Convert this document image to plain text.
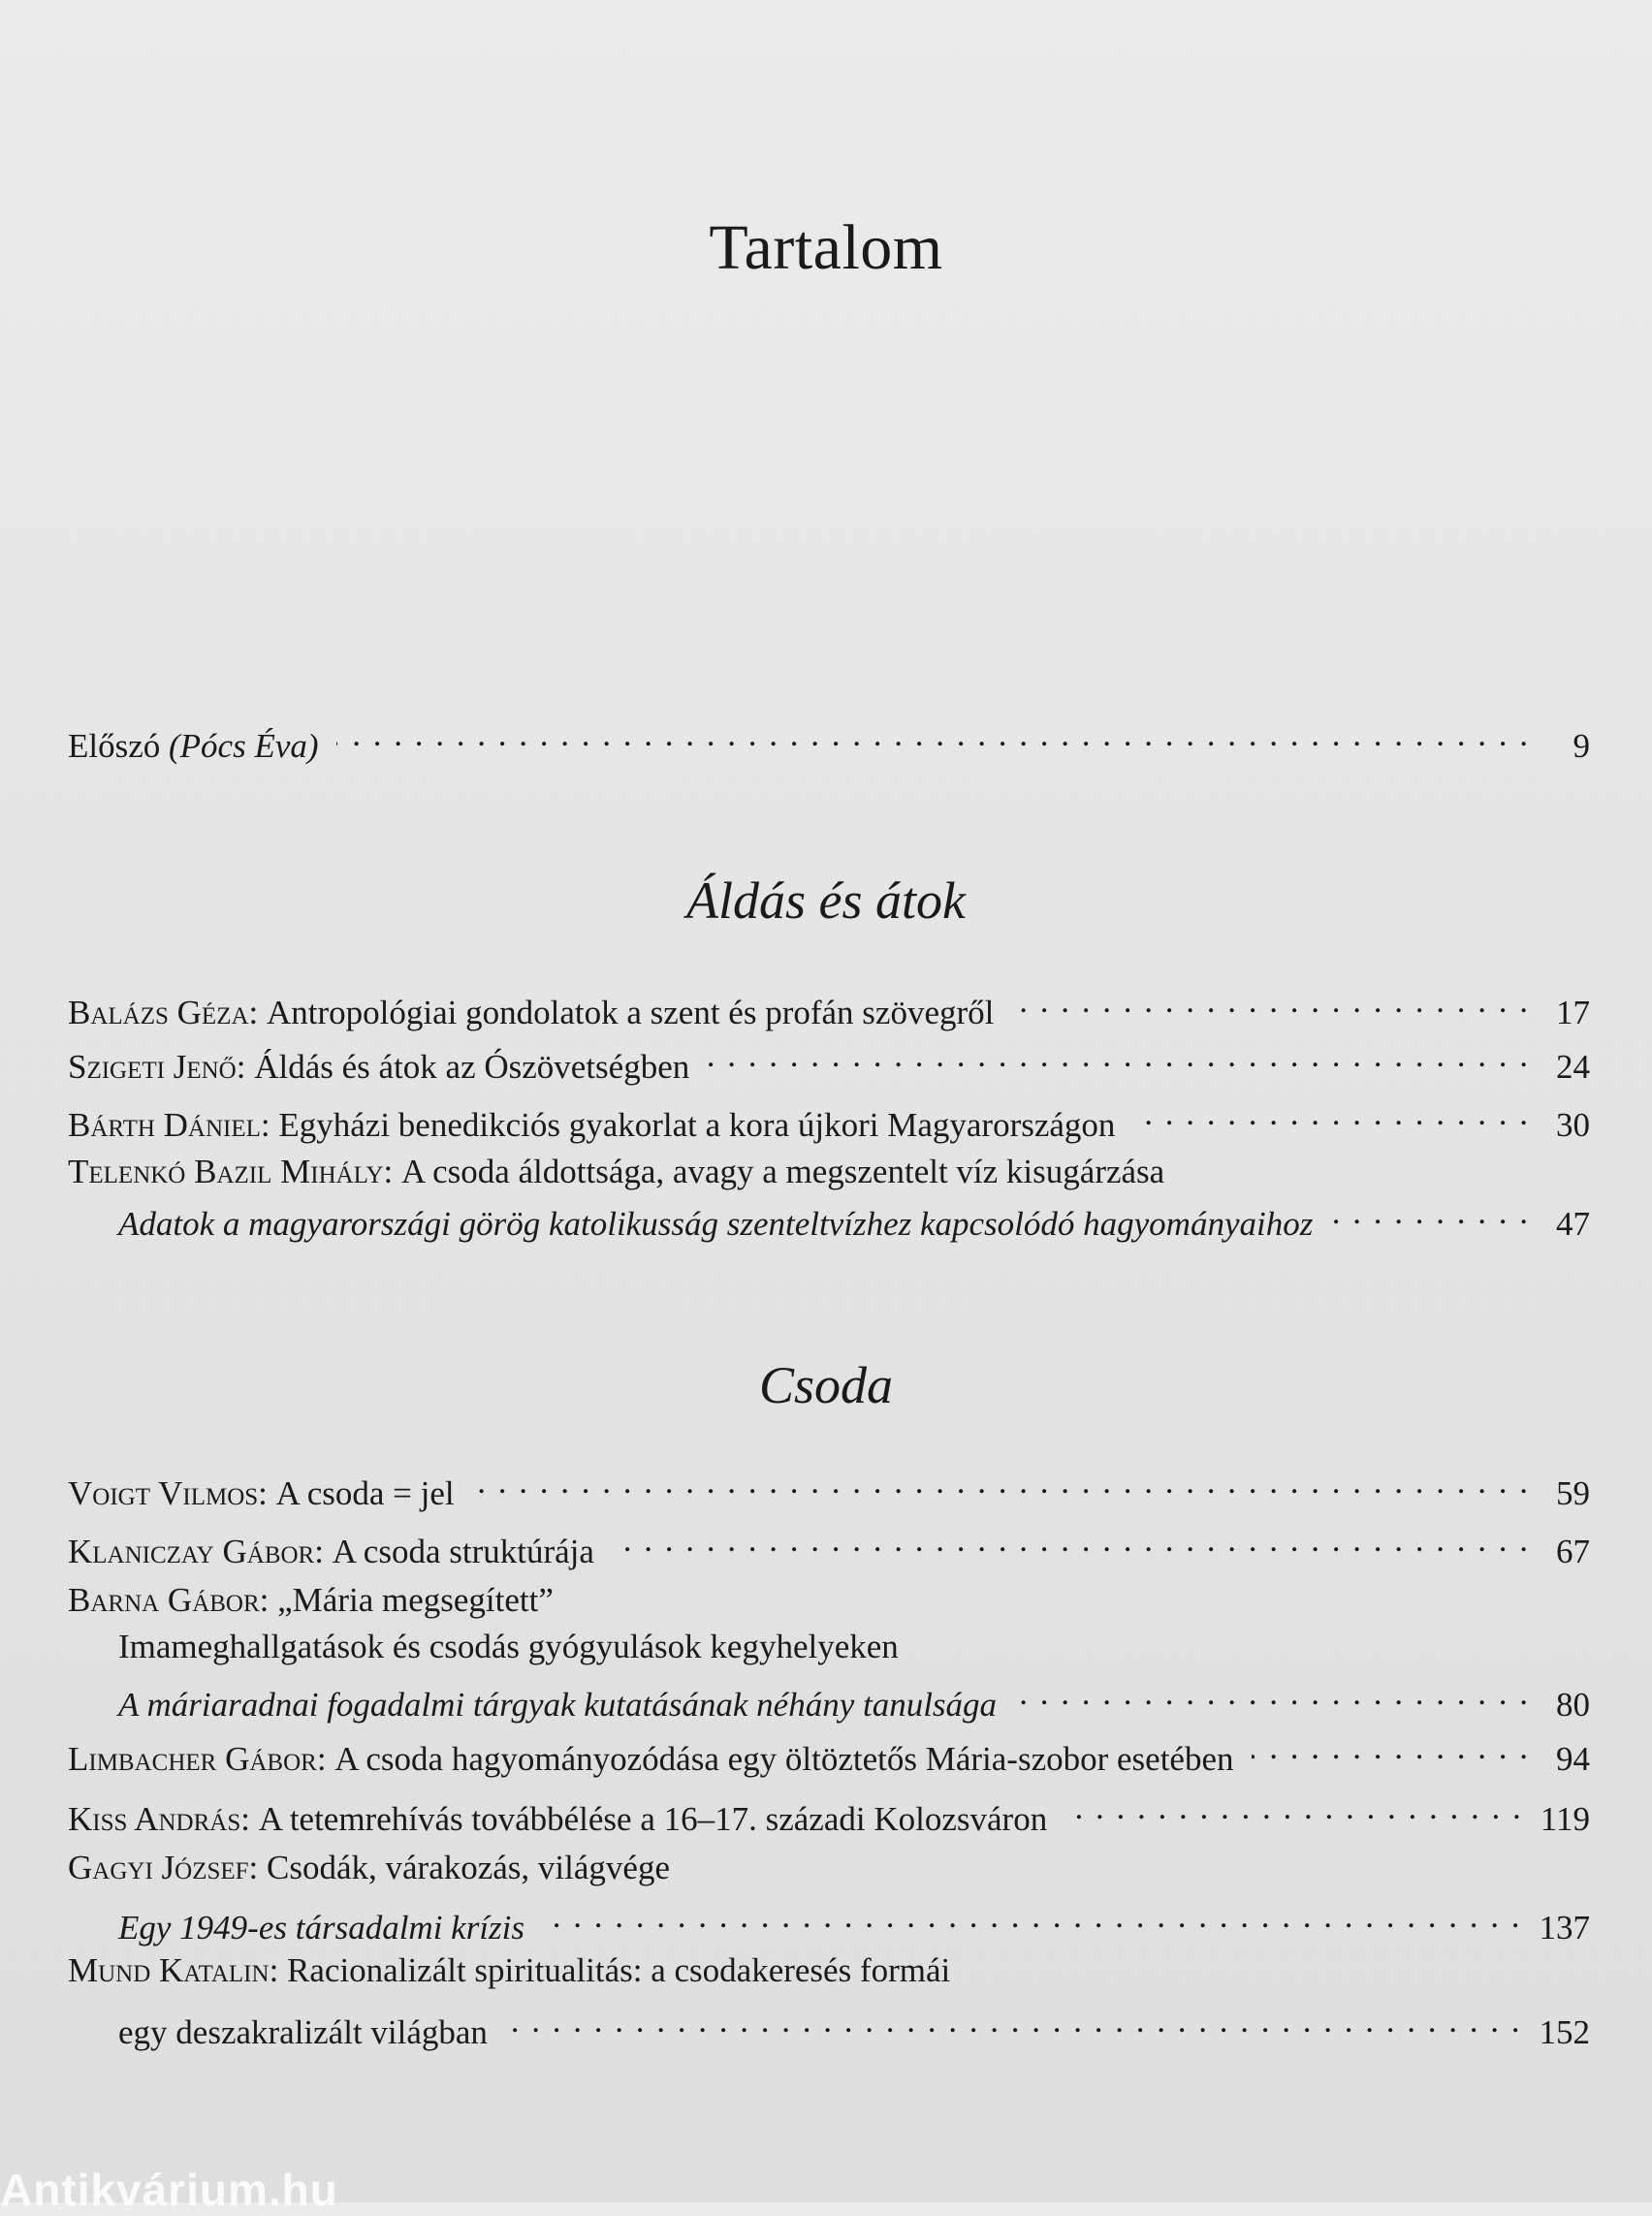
Tartalom
Előszó
(Pócs Éva) . . .	9
Áldás és átok
Balázs Géza:
Antropológiai gondolatok a szent és profán szövegről . . .	17
Szigeti Jenő:
Áldás és átok az Ószövetségben . . .	24
Bárth Dániel:
Egyházi benedikciós gyakorlat a kora újkori Magyarországon . . .	30
Telenkó Bazil Mihály:
A csoda áldottsága, avagy a megszentelt víz kisugárzása
Adatok a magyarországi görög katolikusság szenteltvízhez kapcsolódó hagyományaihoz . . .	47
Csoda
Voigt Vilmos:
A csoda = jel . . .	59
Klaniczay Gábor:
A csoda struktúrája . . .	67
Barna Gábor:
„Mária megsegített”
Imameghallgatások és csodás gyógyulások kegyhelyeken
A máriaradnai fogadalmi tárgyak kutatásának néhány tanulsága . . .	80
Limbacher Gábor:
A csoda hagyományozódása egy öltöztetős Mária-szobor esetében . . .	94
Kiss András:
A tetemrehívás továbbélése a 16–17. századi Kolozsváron . . .	119
Gagyi József:
Csodák, várakozás, világvége
Egy 1949-es társadalmi krízis . . .	137
Mund Katalin:
Racionalizált spiritualitás: a csodakeresés formái
egy deszakralizált világban . . .	152
Antikvárium.hu
